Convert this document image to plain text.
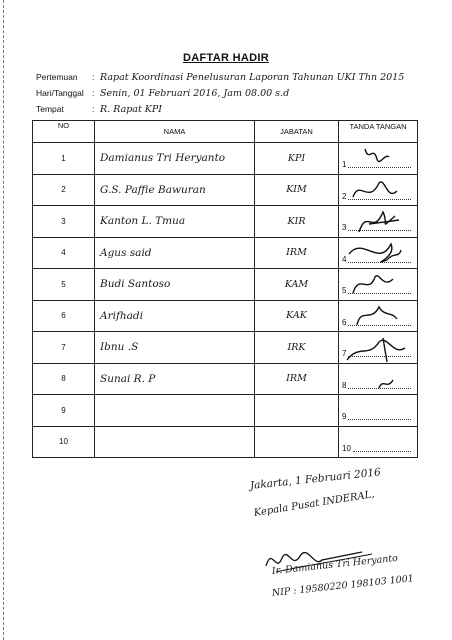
DAFTAR HADIR
Pertemuan : Rapat Koordinasi Penelusuran Laporan Tahunan UKI Thn 2015
Hari/Tanggal : Senin, 01 Februari 2016, Jam 08.00 s.d
Tempat	: R. Rapat KPI
NO	NAMA	JABATAN	TANDA TANGAN
1	Damianus Tri Heryanto	KPI	1

2	G.S. Paffie Bawuran	KIM	2

3	Kanton L. Tmua	KIR	3

4	Agus said	IRM	4

5	Budi Santoso	KAM	5

6	Arifhadi	KAK	6

7	Ibnu .S	IRK	7

8	Sunai R. P	IRM	8

9			9

10			10
Jakarta, 1 Februari 2016
Kepala Pusat INDERAL,
Ir. Damianus Tri Heryanto
NIP : 19580220 198103 1001
